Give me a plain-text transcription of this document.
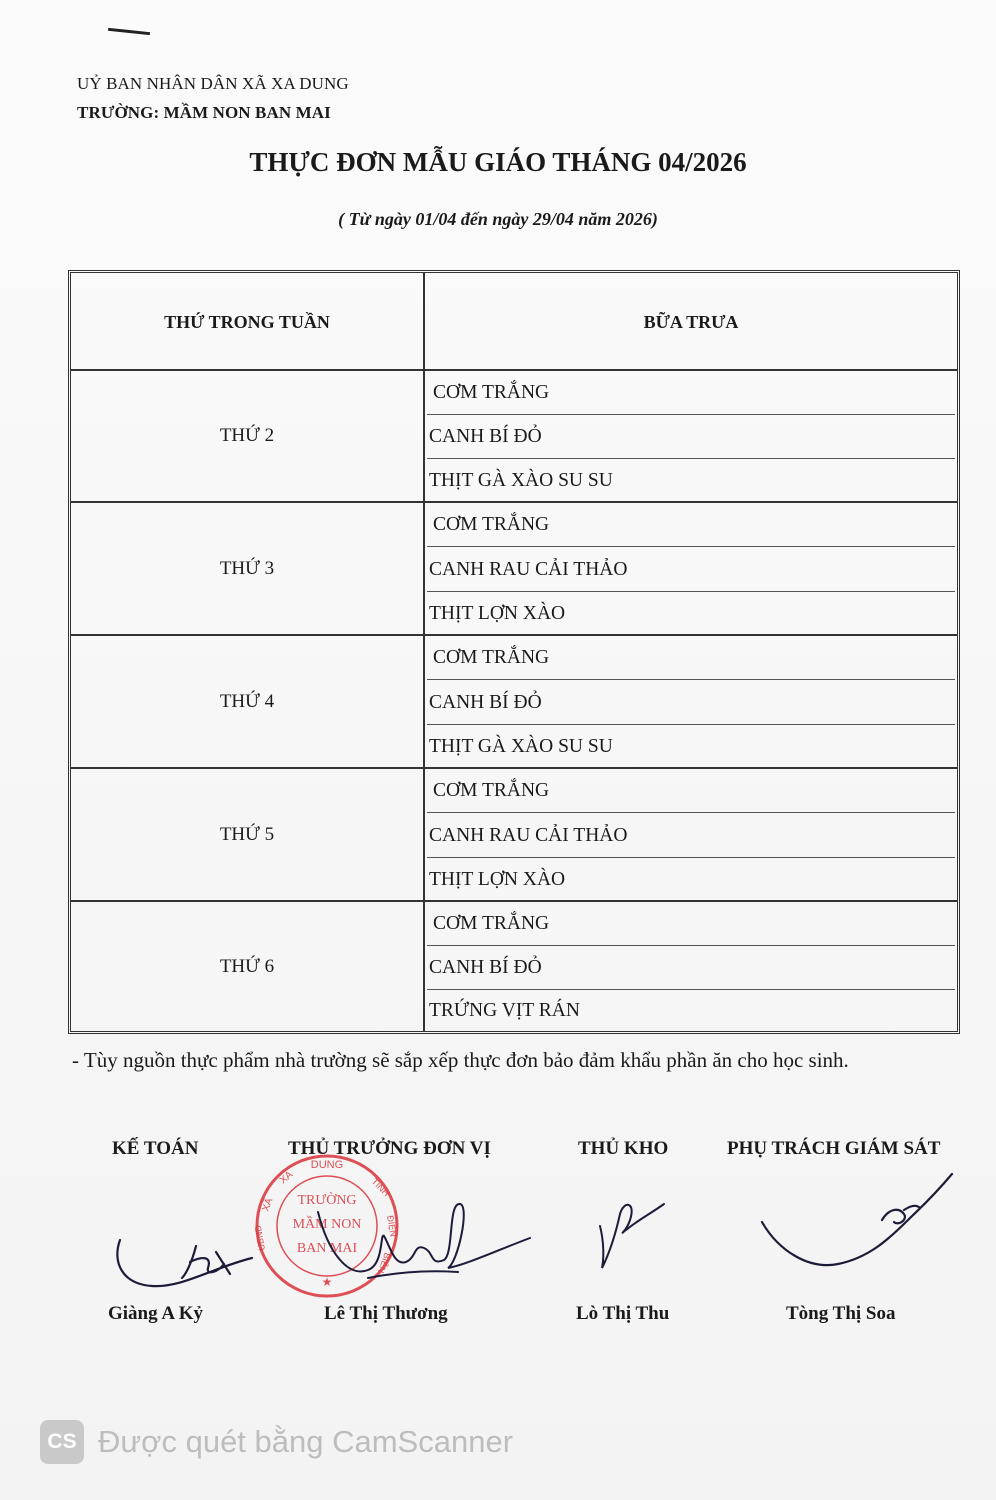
UỶ BAN NHÂN DÂN XÃ XA DUNG
TRƯỜNG: MẦM NON BAN MAI
THỰC ĐƠN MẪU GIÁO THÁNG 04/2026
( Từ ngày 01/04 đến ngày 29/04 năm 2026)
THỨ TRONG TUẦN	BỮA TRƯA
THỨ 2
CƠM TRẮNG
CANH BÍ ĐỎ
THỊT GÀ XÀO SU SU
THỨ 3
CƠM TRẮNG
CANH RAU CẢI THẢO
THỊT LỢN XÀO
THỨ 4
CƠM TRẮNG
CANH BÍ ĐỎ
THỊT GÀ XÀO SU SU
THỨ 5
CƠM TRẮNG
CANH RAU CẢI THẢO
THỊT LỢN XÀO
THỨ 6
CƠM TRẮNG
CANH BÍ ĐỎ
TRỨNG VỊT RÁN
- Tùy nguồn thực phẩm nhà trường sẽ sắp xếp thực đơn bảo đảm khẩu phần ăn cho học sinh.
KẾ TOÁN	THỦ TRƯỞNG ĐƠN VỊ	THỦ KHO	PHỤ TRÁCH GIÁM SÁT
DUNG
XA
XÃ
UBND
TỈNH
ĐIỆN
BIÊN
TRƯỜNG
MẦM NON
BAN MAI
★
Giàng A Kỷ	Lê Thị Thương	Lò Thị Thu	Tòng Thị Soa
CS Được quét bằng CamScanner
